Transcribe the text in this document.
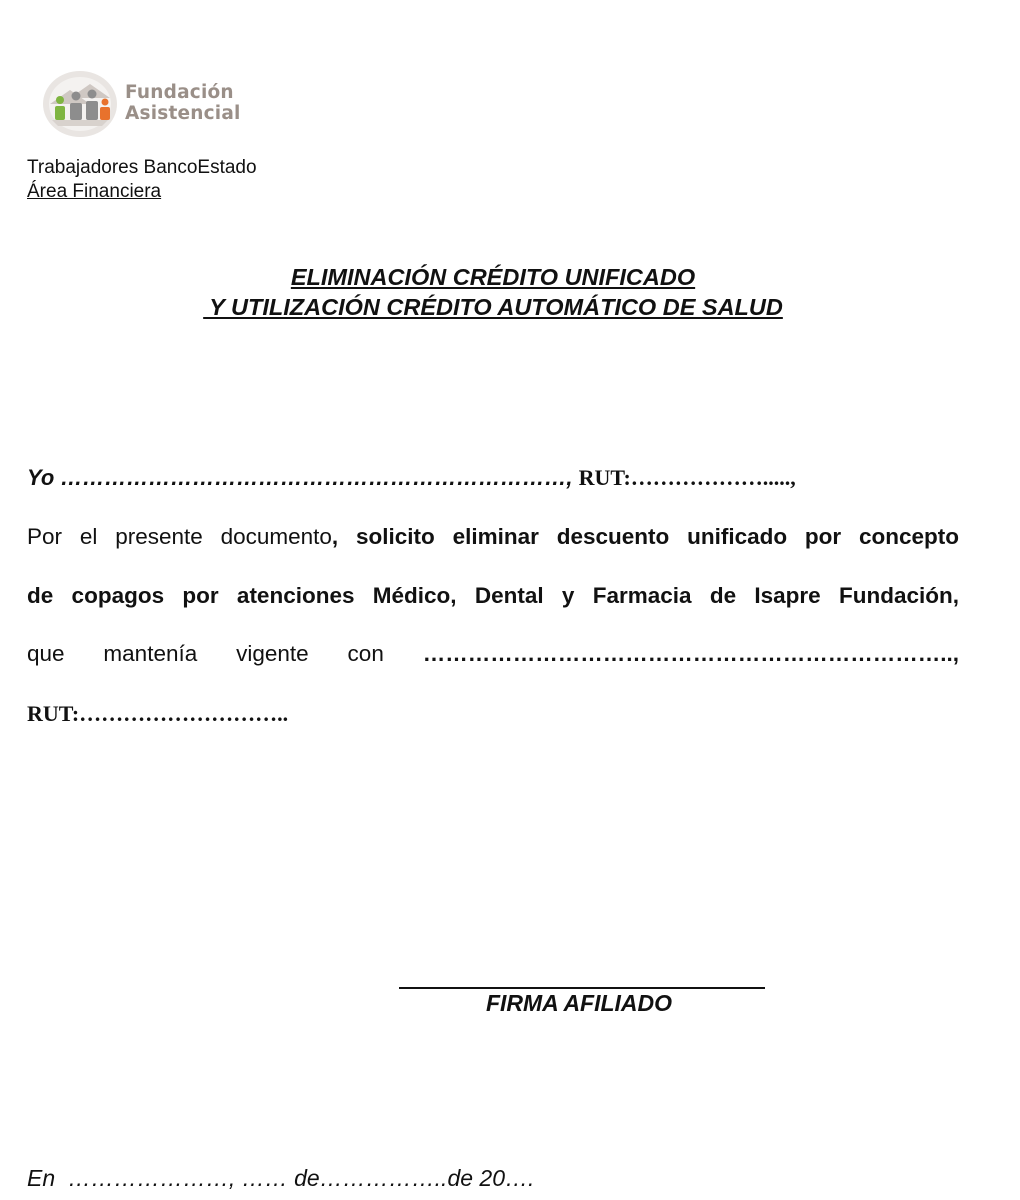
Fundación
Asistencial
Trabajadores BancoEstado
Área Financiera
ELIMINACIÓN CRÉDITO UNIFICADO
Y UTILIZACIÓN CRÉDITO AUTOMÁTICO DE SALUD
Yo ……………………………………………………………, RUT:……………….....,
Por el presente documento, solicito eliminar descuento unificado por concepto
de copagos por atenciones Médico, Dental y Farmacia de Isapre Fundación,
que mantenía vigente con ……………………………………………………………..,
RUT:………………………..
FIRMA AFILIADO
En  …………………, …… de……………..de 20….
